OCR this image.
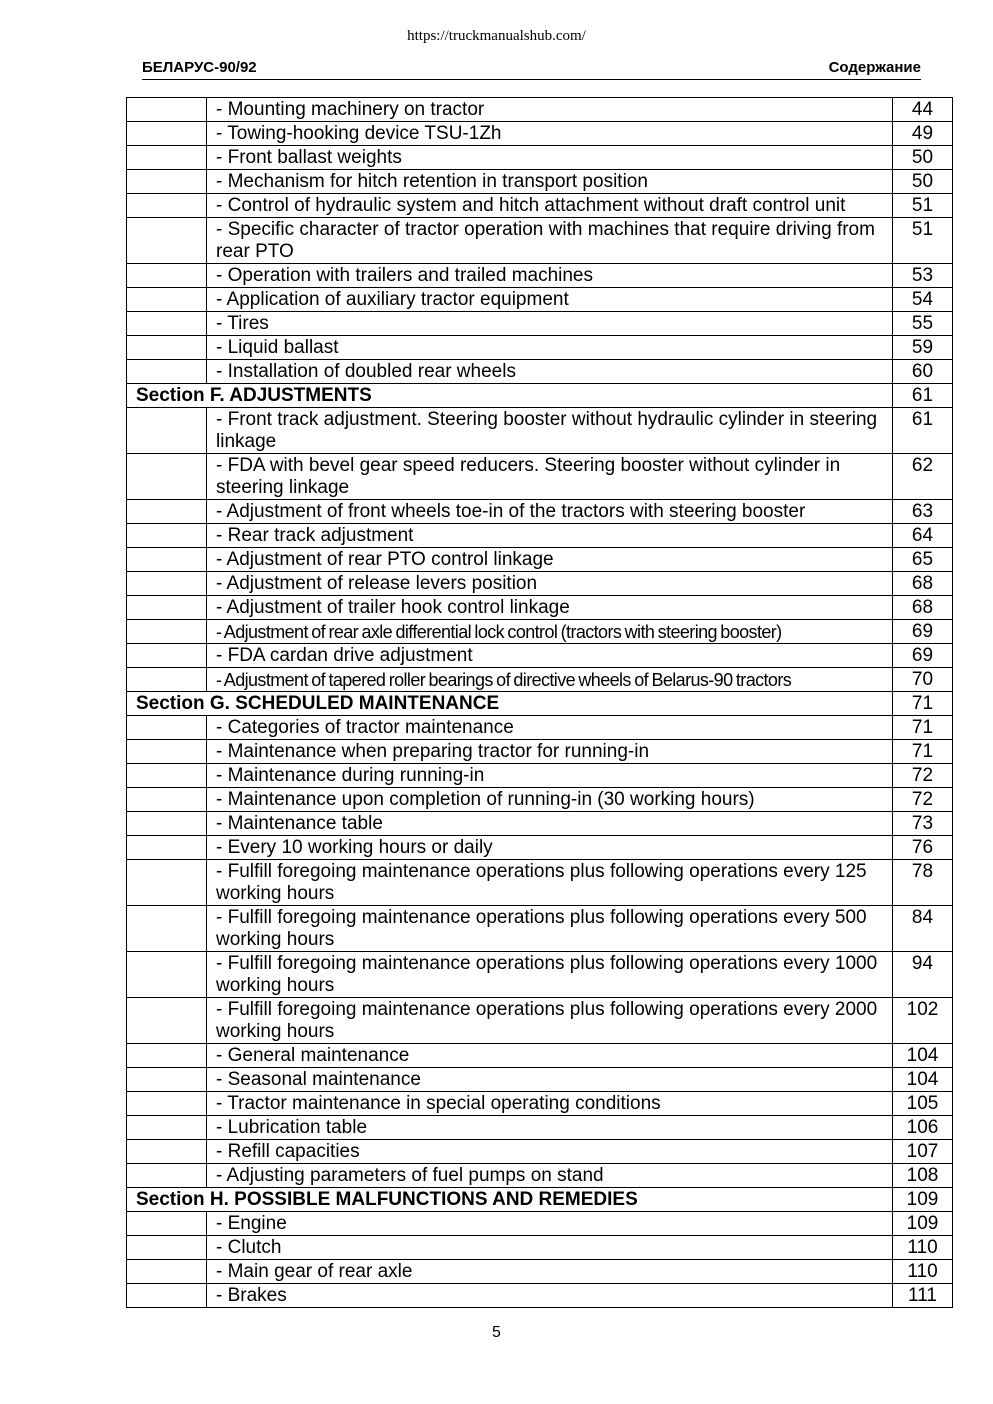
https://truckmanualshub.com/
БЕЛАРУС-90/92	Содержание
	- Mounting machinery on tractor	44
	- Towing-hooking device TSU-1Zh	49
	- Front ballast weights	50
	- Mechanism for hitch retention in transport position	50
	- Control of hydraulic system and hitch attachment without draft control unit	51
	- Specific character of tractor operation with machines that require driving from rear PTO	51
	- Operation with trailers and trailed machines	53
	- Application of auxiliary tractor equipment	54
	- Tires	55
	- Liquid ballast	59
	- Installation of doubled rear wheels	60
Section F. ADJUSTMENTS		61
	- Front track adjustment. Steering booster without hydraulic cylinder in steering linkage	61
	- FDA with bevel gear speed reducers. Steering booster without cylinder in steering linkage	62
	- Adjustment of front wheels toe-in of the tractors with steering booster	63
	- Rear track adjustment	64
	- Adjustment of rear PTO control linkage	65
	- Adjustment of release levers position	68
	- Adjustment of trailer hook control linkage	68
	- Adjustment of rear axle differential lock control (tractors with steering booster)	69
	- FDA cardan drive adjustment	69
	- Adjustment of tapered roller bearings of directive wheels of Belarus-90 tractors	70
Section G. SCHEDULED MAINTENANCE		71
	- Categories of tractor maintenance	71
	- Maintenance when preparing tractor for running-in	71
	- Maintenance during running-in	72
	- Maintenance upon completion of running-in (30 working hours)	72
	- Maintenance table	73
	- Every 10 working hours or daily	76
	- Fulfill foregoing maintenance operations plus following operations every 125 working hours	78
	- Fulfill foregoing maintenance operations plus following operations every 500 working hours	84
	- Fulfill foregoing maintenance operations plus following operations every 1000 working hours	94
	- Fulfill foregoing maintenance operations plus following operations every 2000 working hours	102
	- General maintenance	104
	- Seasonal maintenance	104
	- Tractor maintenance in special operating conditions	105
	- Lubrication table	106
	- Refill capacities	107
	- Adjusting parameters of fuel pumps on stand	108
Section H. POSSIBLE MALFUNCTIONS AND REMEDIES		109
	- Engine	109
	- Clutch	110
	- Main gear of rear axle	110
	- Brakes	111
5
